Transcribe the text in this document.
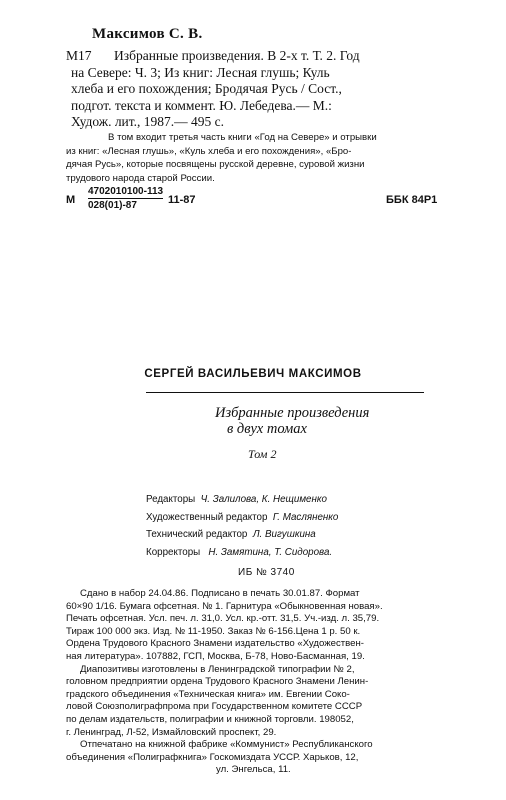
Максимов С. В.
М17 Избранные произведения. В 2-х т. Т. 2. Год
на Севере: Ч. 3; Из книг: Лесная глушь; Куль
хлеба и его похождения; Бродячая Русь / Сост.,
подгот. текста и коммент. Ю. Лебедева.— М.:
Худож. лит., 1987.— 495 с.
В том входит третья часть книги «Год на Севере» и отрывки
из книг: «Лесная глушь», «Куль хлеба и его похождения», «Бро-
дячая Русь», которые посвящены русской деревне, суровой жизни
трудового народа старой России.
М $\frac{4702010100-113}{028(01)-87} 11-87$	ББК 84Р1
СЕРГЕЙ ВАСИЛЬЕВИЧ МАКСИМОВ
Избранные произведения
в двух томах
Том 2
Редакторы Ч. Залилова, К. Нещименко
Художественный редактор Г. Масляненко
Технический редактор Л. Вигушкина
Корректоры Н. Замятина, Т. Сидорова.
ИБ № 3740
Сдано в набор 24.04.86. Подписано в печать 30.01.87. Формат
60×90 1/16. Бумага офсетная. № 1. Гарнитура «Обыкновенная новая».
Печать офсетная. Усл. печ. л. 31,0. Усл. кр.-отт. 31,5. Уч.-изд. л. 35,79.
Тираж 100 000 экз. Изд. № 11-1950. Заказ № 6-156.Цена 1 р. 50 к.
Ордена Трудового Красного Знамени издательство «Художествен-
ная литература». 107882, ГСП, Москва, Б-78, Ново-Басманная, 19.
Диапозитивы изготовлены в Ленинградской типографии № 2,
головном предприятии ордена Трудового Красного Знамени Ленин-
градского объединения «Техническая книга» им. Евгении Соко-
ловой Союзполиграфпрома при Государственном комитете СССР
по делам издательств, полиграфии и книжной торговли. 198052,
г. Ленинград, Л-52, Измайловский проспект, 29.
Отпечатано на книжной фабрике «Коммунист» Республиканского
объединения «Полиграфкнига» Госкомиздата УССР. Харьков, 12,
ул. Энгельса, 11.
